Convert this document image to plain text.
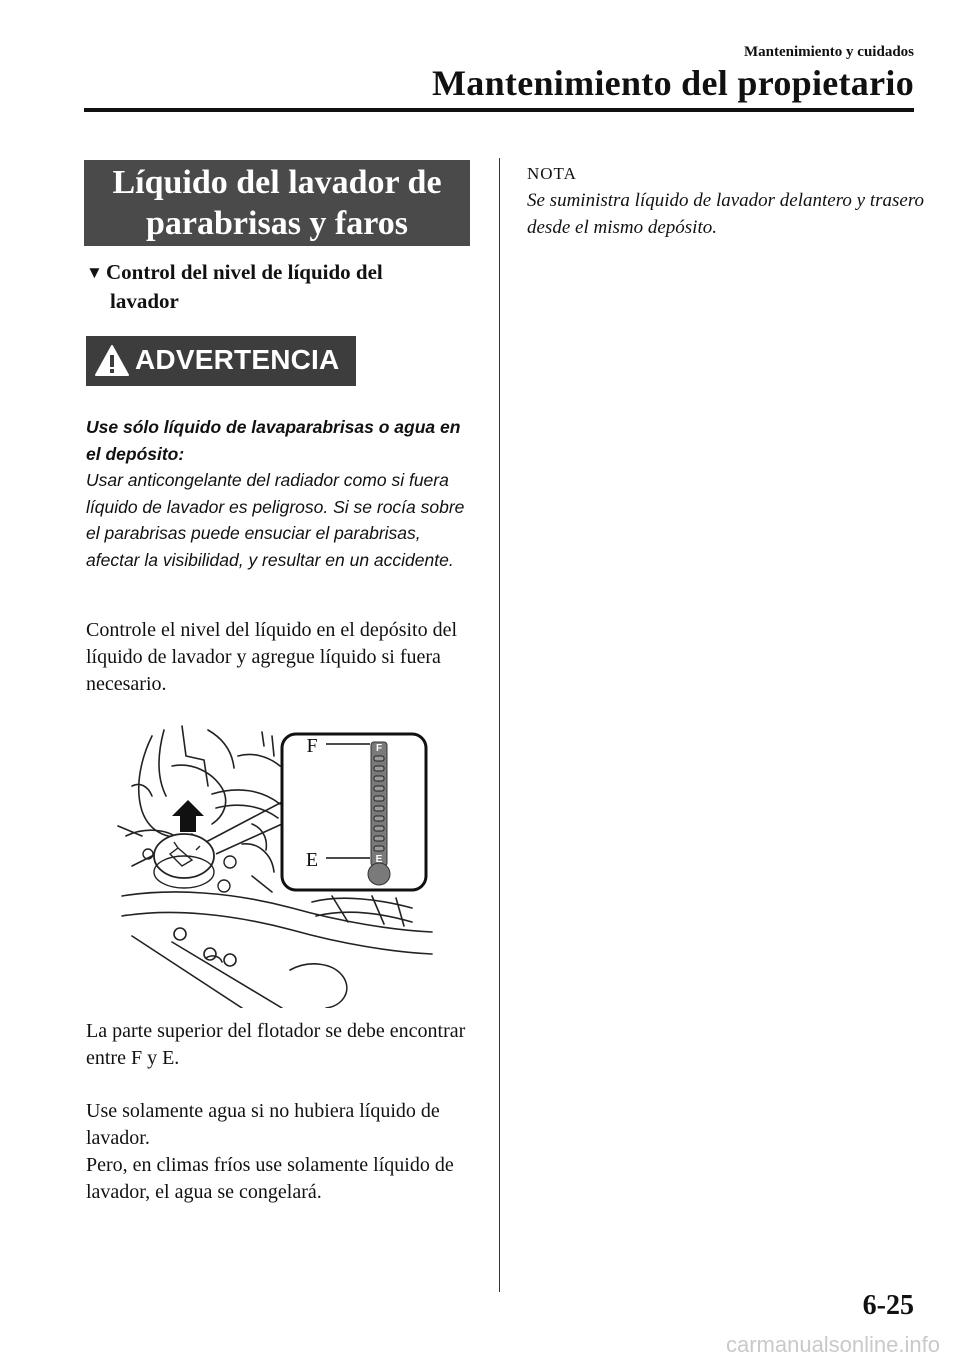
Mantenimiento y cuidados
Mantenimiento del propietario
Líquido del lavador de
parabrisas y faros
▼ Control del nivel de líquido del
lavador
ADVERTENCIA
Use sólo líquido de lavaparabrisas o agua en el depósito:
Usar anticongelante del radiador como si fuera líquido de lavador es peligroso. Si se rocía sobre el parabrisas puede ensuciar el parabrisas, afectar la visibilidad, y resultar en un accidente.
Controle el nivel del líquido en el depósito del líquido de lavador y agregue líquido si fuera necesario.
F
E
F
E
La parte superior del flotador se debe encontrar entre F y E.
Use solamente agua si no hubiera líquido de lavador.
Pero, en climas fríos use solamente líquido de lavador, el agua se congelará.
NOTA
Se suministra líquido de lavador delantero y trasero desde el mismo depósito.
6-25
carmanualsonline.info
